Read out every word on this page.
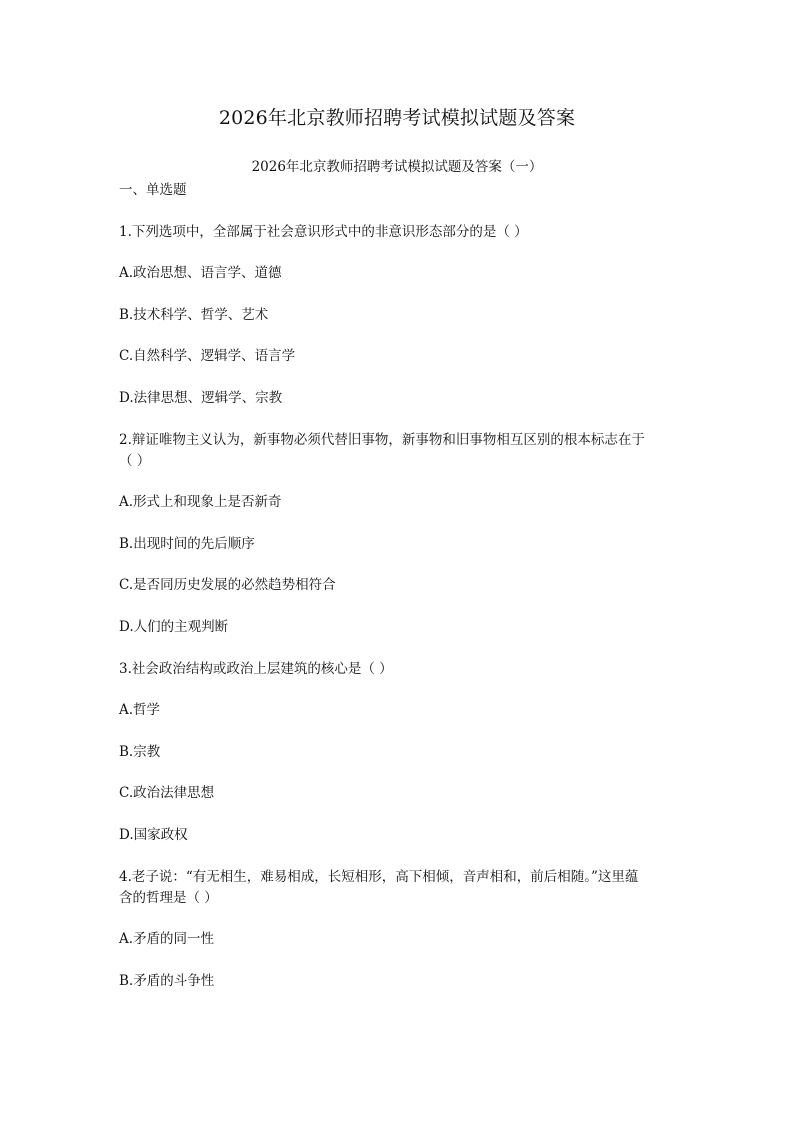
2026年北京教师招聘考试模拟试题及答案
2026年北京教师招聘考试模拟试题及答案（一）
一、单选题
1.下列选项中，全部属于社会意识形式中的非意识形态部分的是（ ）
A.政治思想、语言学、道德
B.技术科学、哲学、艺术
C.自然科学、逻辑学、语言学
D.法律思想、逻辑学、宗教
2.辩证唯物主义认为，新事物必须代替旧事物，新事物和旧事物相互区别的根本标志在于
（ ）
A.形式上和现象上是否新奇
B.出现时间的先后顺序
C.是否同历史发展的必然趋势相符合
D.人们的主观判断
3.社会政治结构或政治上层建筑的核心是（ ）
A.哲学
B.宗教
C.政治法律思想
D.国家政权
4.老子说：“有无相生，难易相成，长短相形，高下相倾，音声相和，前后相随。”这里蕴
含的哲理是（ ）
A.矛盾的同一性
B.矛盾的斗争性
